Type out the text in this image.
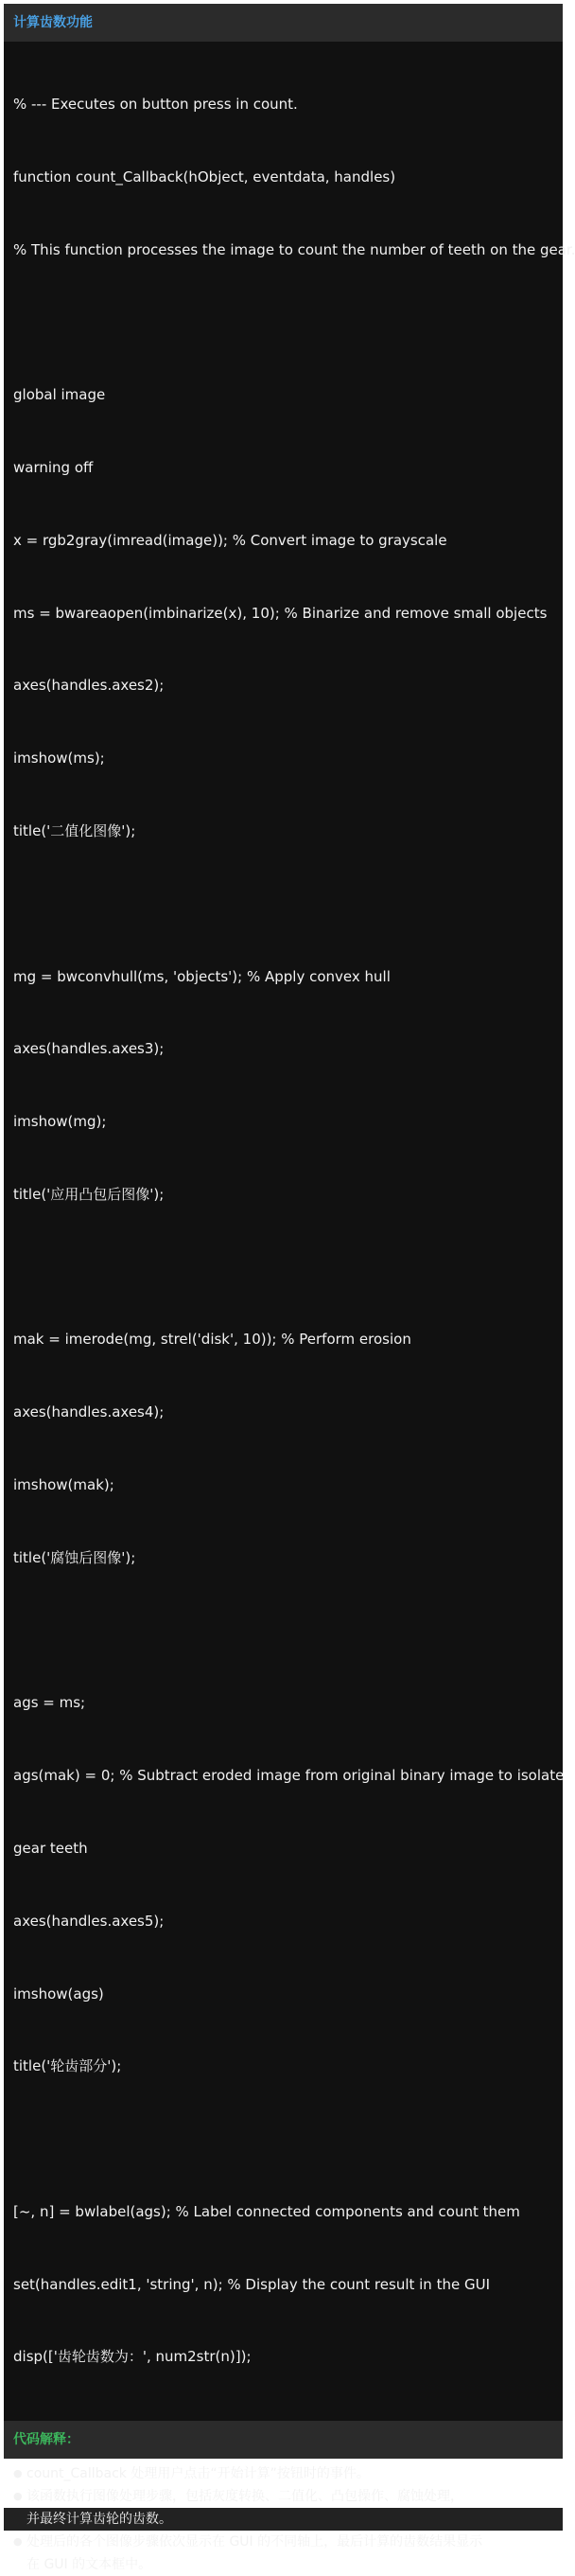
计算齿数功能

% --- Executes on button press in count.

function count_Callback(hObject, eventdata, handles)

% This function processes the image to count the number of teeth on the gear.

global image

warning off

x = rgb2gray(imread(image)); % Convert image to grayscale

ms = bwareaopen(imbinarize(x), 10); % Binarize and remove small objects

axes(handles.axes2);

imshow(ms);

title('二值化图像');

mg = bwconvhull(ms, 'objects'); % Apply convex hull

axes(handles.axes3);

imshow(mg);

title('应用凸包后图像');

mak = imerode(mg, strel('disk', 10)); % Perform erosion

axes(handles.axes4);

imshow(mak);

title('腐蚀后图像');

ags = ms;

ags(mak) = 0; % Subtract eroded image from original binary image to isolate

gear teeth

axes(handles.axes5);

imshow(ags)

title('轮齿部分');

[~, n] = bwlabel(ags); % Label connected components and count them

set(handles.edit1, 'string', n); % Display the count result in the GUI

disp(['齿轮齿数为：', num2str(n)]);

代码解释：
● count_Callback 处理用户点击“开始计算”按钮时的事件。
● 该函数执行图像处理步骤，包括灰度转换、二值化、凸包操作、腐蚀处理，
并最终计算齿轮的齿数。
● 处理后的各个图像步骤依次显示在 GUI 的不同轴上，最后计算的齿数结果显示
在 GUI 的文本框中。
